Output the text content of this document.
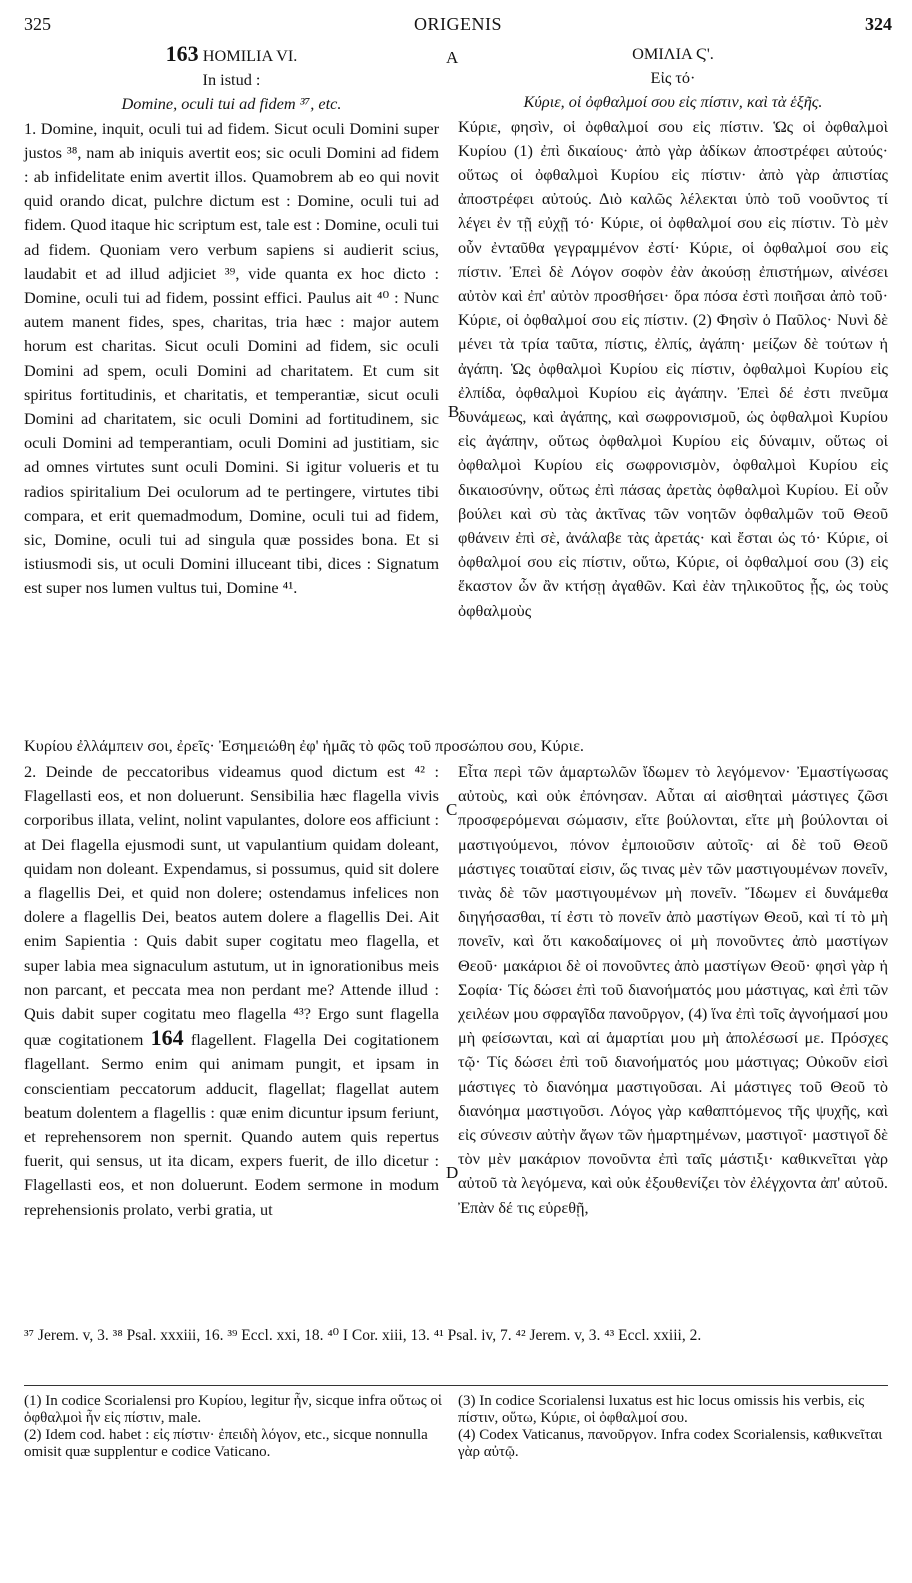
325	ORIGENIS	324
A
B
C
D

163 HOMILIA VI.

In istud :

Domine, oculi tui ad fidem ³⁷, etc.

1. Domine, inquit, oculi tui ad fidem. Sicut oculi Domini super justos ³⁸, nam ab iniquis avertit eos; sic oculi Domini ad fidem : ab infidelitate enim avertit illos. Quamobrem ab eo qui novit quid orando dicat, pulchre dictum est : Domine, oculi tui ad fidem. Quod itaque hic scriptum est, tale est : Domine, oculi tui ad fidem. Quoniam vero verbum sapiens si audierit scius, laudabit et ad illud adjiciet ³⁹, vide quanta ex hoc dicto : Domine, oculi tui ad fidem, possint effici. Paulus ait ⁴⁰ : Nunc autem manent fides, spes, charitas, tria hæc : major autem horum est charitas. Sicut oculi Domini ad fidem, sic oculi Domini ad spem, oculi Domini ad charitatem. Et cum sit spiritus fortitudinis, et charitatis, et temperantiæ, sicut oculi Domini ad charitatem, sic oculi Domini ad fortitudinem, sic oculi Domini ad temperantiam, oculi Domini ad justitiam, sic ad omnes virtutes sunt oculi Domini. Si igitur volueris et tu radios spiritalium Dei oculorum ad te pertingere, virtutes tibi compara, et erit quemadmodum, Domine, oculi tui ad fidem, sic, Domine, oculi tui ad singula quæ possides bona. Et si istiusmodi sis, ut oculi Domini illuceant tibi, dices : Signatum est super nos lumen vultus tui, Domine ⁴¹.

ΟΜΙΛΙΑ Ϛ'.

Εἰς τό·

Κύριε, οἱ ὀφθαλμοί σου εἰς πίστιν, καὶ τὰ ἑξῆς.

Κύριε, φησὶν, οἱ ὀφθαλμοί σου εἰς πίστιν. Ὡς οἱ ὀφθαλμοὶ Κυρίου (1) ἐπὶ δικαίους· ἀπὸ γὰρ ἀδίκων ἀποστρέφει αὐτούς· οὕτως οἱ ὀφθαλμοὶ Κυρίου εἰς πίστιν· ἀπὸ γὰρ ἀπιστίας ἀποστρέφει αὐτούς. Διὸ καλῶς λέλεκται ὑπὸ τοῦ νοοῦντος τί λέγει ἐν τῇ εὐχῇ τό· Κύριε, οἱ ὀφθαλμοί σου εἰς πίστιν. Τὸ μὲν οὖν ἐνταῦθα γεγραμμένον ἐστί· Κύριε, οἱ ὀφθαλμοί σου εἰς πίστιν. Ἐπεὶ δὲ Λόγον σοφὸν ἐὰν ἀκούσῃ ἐπιστήμων, αἰνέσει αὐτὸν καὶ ἐπ' αὐτὸν προσθήσει· ὅρα πόσα ἐστὶ ποιῆσαι ἀπὸ τοῦ· Κύριε, οἱ ὀφθαλμοί σου εἰς πίστιν. (2) Φησὶν ὁ Παῦλος· Νυνὶ δὲ μένει τὰ τρία ταῦτα, πίστις, ἐλπίς, ἀγάπη· μείζων δὲ τούτων ἡ ἀγάπη. Ὡς ὀφθαλμοὶ Κυρίου εἰς πίστιν, ὀφθαλμοὶ Κυρίου εἰς ἐλπίδα, ὀφθαλμοὶ Κυρίου εἰς ἀγάπην. Ἐπεὶ δέ ἐστι πνεῦμα δυνάμεως, καὶ ἀγάπης, καὶ σωφρονισμοῦ, ὡς ὀφθαλμοὶ Κυρίου εἰς ἀγάπην, οὕτως ὀφθαλμοὶ Κυρίου εἰς δύναμιν, οὕτως οἱ ὀφθαλμοὶ Κυρίου εἰς σωφρονισμὸν, ὀφθαλμοὶ Κυρίου εἰς δικαιοσύνην, οὕτως ἐπὶ πάσας ἀρετὰς ὀφθαλμοὶ Κυρίου. Εἰ οὖν βούλει καὶ σὺ τὰς ἀκτῖνας τῶν νοητῶν ὀφθαλμῶν τοῦ Θεοῦ φθάνειν ἐπὶ σὲ, ἀνάλαβε τὰς ἀρετάς· καὶ ἔσται ὡς τό· Κύριε, οἱ ὀφθαλμοί σου εἰς πίστιν, οὕτω, Κύριε, οἱ ὀφθαλμοί σου (3) εἰς ἕκαστον ὧν ἂν κτήσῃ ἀγαθῶν. Καὶ ἐὰν τηλικοῦτος ᾖς, ὡς τοὺς ὀφθαλμοὺς

Κυρίου ἐλλάμπειν σοι, ἐρεῖς· Ἐσημειώθη ἐφ' ἡμᾶς τὸ φῶς τοῦ προσώπου σου, Κύριε.

2. Deinde de peccatoribus videamus quod dictum est ⁴² : Flagellasti eos, et non doluerunt. Sensibilia hæc flagella vivis corporibus illata, velint, nolint vapulantes, dolore eos afficiunt : at Dei flagella ejusmodi sunt, ut vapulantium quidam doleant, quidam non doleant. Expendamus, si possumus, quid sit dolere a flagellis Dei, et quid non dolere; ostendamus infelices non dolere a flagellis Dei, beatos autem dolere a flagellis Dei. Ait enim Sapientia : Quis dabit super cogitatu meo flagella, et super labia mea signaculum astutum, ut in ignorationibus meis non parcant, et peccata mea non perdant me? Attende illud : Quis dabit super cogitatu meo flagella ⁴³? Ergo sunt flagella quæ cogitationem 164 flagellent. Flagella Dei cogitationem flagellant. Sermo enim qui animam pungit, et ipsam in conscientiam peccatorum adducit, flagellat; flagellat autem beatum dolentem a flagellis : quæ enim dicuntur ipsum feriunt, et reprehensorem non spernit. Quando autem quis repertus fuerit, qui sensus, ut ita dicam, expers fuerit, de illo dicetur : Flagellasti eos, et non doluerunt. Eodem sermone in modum reprehensionis prolato, verbi gratia, ut

Εἶτα περὶ τῶν ἁμαρτωλῶν ἴδωμεν τὸ λεγόμενον· Ἐμαστίγωσας αὐτοὺς, καὶ οὐκ ἐπόνησαν. Αὗται αἱ αἰσθηταὶ μάστιγες ζῶσι προσφερόμεναι σώμασιν, εἴτε βούλονται, εἴτε μὴ βούλονται οἱ μαστιγούμενοι, πόνον ἐμποιοῦσιν αὐτοῖς· αἱ δὲ τοῦ Θεοῦ μάστιγες τοιαῦταί εἰσιν, ὥς τινας μὲν τῶν μαστιγουμένων πονεῖν, τινὰς δὲ τῶν μαστιγουμένων μὴ πονεῖν. Ἴδωμεν εἰ δυνάμεθα διηγήσασθαι, τί ἐστι τὸ πονεῖν ἀπὸ μαστίγων Θεοῦ, καὶ τί τὸ μὴ πονεῖν, καὶ ὅτι κακοδαίμονες οἱ μὴ πονοῦντες ἀπὸ μαστίγων Θεοῦ· μακάριοι δὲ οἱ πονοῦντες ἀπὸ μαστίγων Θεοῦ· φησὶ γὰρ ἡ Σοφία· Τίς δώσει ἐπὶ τοῦ διανοήματός μου μάστιγας, καὶ ἐπὶ τῶν χειλέων μου σφραγῖδα πανοῦργον, (4) ἵνα ἐπὶ τοῖς ἀγνοήμασί μου μὴ φείσωνται, καὶ αἱ ἁμαρτίαι μου μὴ ἀπολέσωσί με. Πρόσχες τῷ· Τίς δώσει ἐπὶ τοῦ διανοήματός μου μάστιγας; Οὐκοῦν εἰσὶ μάστιγες τὸ διανόημα μαστιγοῦσαι. Αἱ μάστιγες τοῦ Θεοῦ τὸ διανόημα μαστιγοῦσι. Λόγος γὰρ καθαπτόμενος τῆς ψυχῆς, καὶ εἰς σύνεσιν αὐτὴν ἄγων τῶν ἡμαρτημένων, μαστιγοῖ· μαστιγοῖ δὲ τὸν μὲν μακάριον πονοῦντα ἐπὶ ταῖς μάστιξι· καθικνεῖται γὰρ αὐτοῦ τὰ λεγόμενα, καὶ οὐκ ἐξουθενίζει τὸν ἐλέγχοντα ἀπ' αὐτοῦ. Ἐπὰν δέ τις εὑρεθῇ,

³⁷ Jerem. v, 3. ³⁸ Psal. xxxiii, 16. ³⁹ Eccl. xxi, 18. ⁴⁰ I Cor. xiii, 13. ⁴¹ Psal. iv, 7. ⁴² Jerem. v, 3. ⁴³ Eccl. xxiii, 2.

(1) In codice Scorialensi pro Κυρίου, legitur ἦν, sicque infra οὕτως οἱ ὀφθαλμοὶ ἦν εἰς πίστιν, male.

(2) Idem cod. habet : εἰς πίστιν· ἐπειδὴ λόγον, etc., sicque nonnulla omisit quæ supplentur e codice Vaticano.

(3) In codice Scorialensi luxatus est hic locus omissis his verbis, εἰς πίστιν, οὕτω, Κύριε, οἱ ὀφθαλμοί σου.

(4) Codex Vaticanus, πανοῦργον. Infra codex Scorialensis, καθικνεῖται γὰρ αὐτῷ.
